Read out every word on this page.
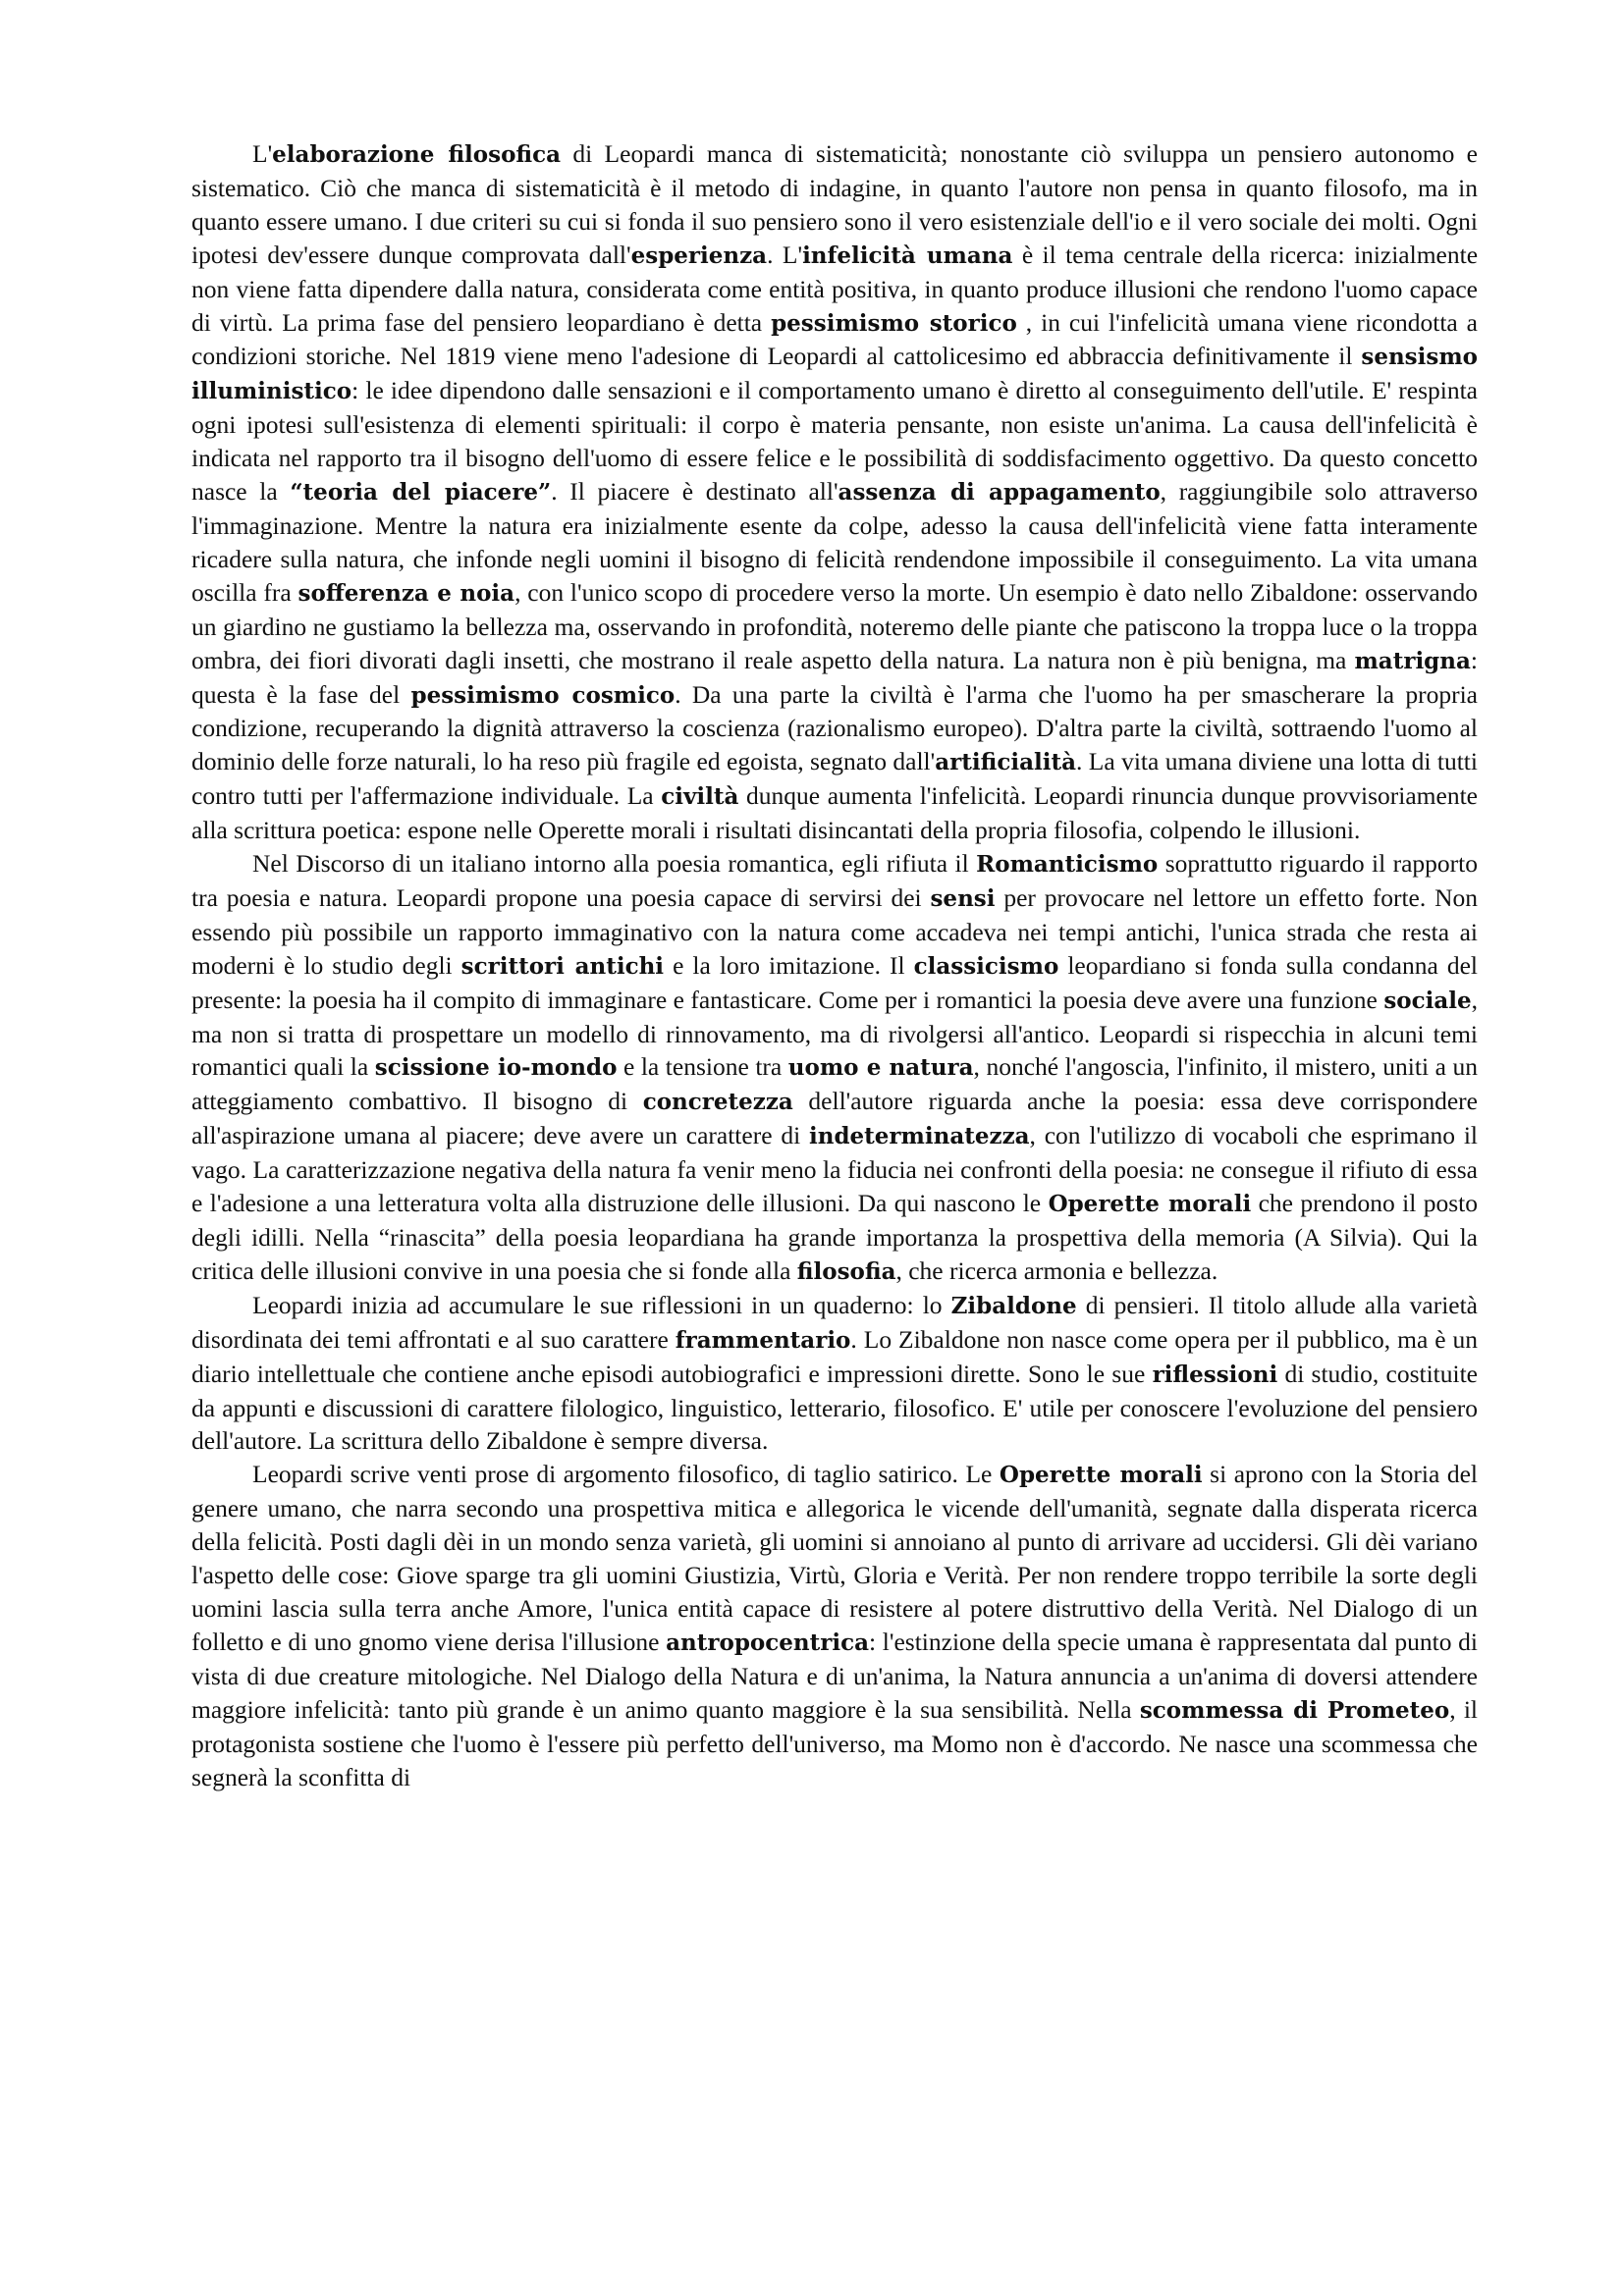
L'elaborazione filosofica di Leopardi manca di sistematicità; nonostante ciò sviluppa un pensiero autonomo e sistematico. Ciò che manca di sistematicità è il metodo di indagine, in quanto l'autore non pensa in quanto filosofo, ma in quanto essere umano. I due criteri su cui si fonda il suo pensiero sono il vero esistenziale dell'io e il vero sociale dei molti. Ogni ipotesi dev'essere dunque comprovata dall'esperienza. L'infelicità umana è il tema centrale della ricerca: inizialmente non viene fatta dipendere dalla natura, considerata come entità positiva, in quanto produce illusioni che rendono l'uomo capace di virtù. La prima fase del pensiero leopardiano è detta pessimismo storico , in cui l'infelicità umana viene ricondotta a condizioni storiche. Nel 1819 viene meno l'adesione di Leopardi al cattolicesimo ed abbraccia definitivamente il sensismo illuministico: le idee dipendono dalle sensazioni e il comportamento umano è diretto al conseguimento dell'utile. E' respinta ogni ipotesi sull'esistenza di elementi spirituali: il corpo è materia pensante, non esiste un'anima. La causa dell'infelicità è indicata nel rapporto tra il bisogno dell'uomo di essere felice e le possibilità di soddisfacimento oggettivo. Da questo concetto nasce la “teoria del piacere”. Il piacere è destinato all'assenza di appagamento, raggiungibile solo attraverso l'immaginazione. Mentre la natura era inizialmente esente da colpe, adesso la causa dell'infelicità viene fatta interamente ricadere sulla natura, che infonde negli uomini il bisogno di felicità rendendone impossibile il conseguimento. La vita umana oscilla fra sofferenza e noia, con l'unico scopo di procedere verso la morte. Un esempio è dato nello Zibaldone: osservando un giardino ne gustiamo la bellezza ma, osservando in profondità, noteremo delle piante che patiscono la troppa luce o la troppa ombra, dei fiori divorati dagli insetti, che mostrano il reale aspetto della natura. La natura non è più benigna, ma matrigna: questa è la fase del pessimismo cosmico. Da una parte la civiltà è l'arma che l'uomo ha per smascherare la propria condizione, recuperando la dignità attraverso la coscienza (razionalismo europeo). D'altra parte la civiltà, sottraendo l'uomo al dominio delle forze naturali, lo ha reso più fragile ed egoista, segnato dall'artificialità. La vita umana diviene una lotta di tutti contro tutti per l'affermazione individuale. La civiltà dunque aumenta l'infelicità. Leopardi rinuncia dunque provvisoriamente alla scrittura poetica: espone nelle Operette morali i risultati disincantati della propria filosofia, colpendo le illusioni.

Nel Discorso di un italiano intorno alla poesia romantica, egli rifiuta il Romanticismo soprattutto riguardo il rapporto tra poesia e natura. Leopardi propone una poesia capace di servirsi dei sensi per provocare nel lettore un effetto forte. Non essendo più possibile un rapporto immaginativo con la natura come accadeva nei tempi antichi, l'unica strada che resta ai moderni è lo studio degli scrittori antichi e la loro imitazione. Il classicismo leopardiano si fonda sulla condanna del presente: la poesia ha il compito di immaginare e fantasticare. Come per i romantici la poesia deve avere una funzione sociale, ma non si tratta di prospettare un modello di rinnovamento, ma di rivolgersi all'antico. Leopardi si rispecchia in alcuni temi romantici quali la scissione io-mondo e la tensione tra uomo e natura, nonché l'angoscia, l'infinito, il mistero, uniti a un atteggiamento combattivo. Il bisogno di concretezza dell'autore riguarda anche la poesia: essa deve corrispondere all'aspirazione umana al piacere; deve avere un carattere di indeterminatezza, con l'utilizzo di vocaboli che esprimano il vago. La caratterizzazione negativa della natura fa venir meno la fiducia nei confronti della poesia: ne consegue il rifiuto di essa e l'adesione a una letteratura volta alla distruzione delle illusioni. Da qui nascono le Operette morali che prendono il posto degli idilli. Nella “rinascita” della poesia leopardiana ha grande importanza la prospettiva della memoria (A Silvia). Qui la critica delle illusioni convive in una poesia che si fonde alla filosofia, che ricerca armonia e bellezza.

Leopardi inizia ad accumulare le sue riflessioni in un quaderno: lo Zibaldone di pensieri. Il titolo allude alla varietà disordinata dei temi affrontati e al suo carattere frammentario. Lo Zibaldone non nasce come opera per il pubblico, ma è un diario intellettuale che contiene anche episodi autobiografici e impressioni dirette. Sono le sue riflessioni di studio, costituite da appunti e discussioni di carattere filologico, linguistico, letterario, filosofico. E' utile per conoscere l'evoluzione del pensiero dell'autore. La scrittura dello Zibaldone è sempre diversa.

Leopardi scrive venti prose di argomento filosofico, di taglio satirico. Le Operette morali si aprono con la Storia del genere umano, che narra secondo una prospettiva mitica e allegorica le vicende dell'umanità, segnate dalla disperata ricerca della felicità. Posti dagli dèi in un mondo senza varietà, gli uomini si annoiano al punto di arrivare ad uccidersi. Gli dèi variano l'aspetto delle cose: Giove sparge tra gli uomini Giustizia, Virtù, Gloria e Verità. Per non rendere troppo terribile la sorte degli uomini lascia sulla terra anche Amore, l'unica entità capace di resistere al potere distruttivo della Verità. Nel Dialogo di un folletto e di uno gnomo viene derisa l'illusione antropocentrica: l'estinzione della specie umana è rappresentata dal punto di vista di due creature mitologiche. Nel Dialogo della Natura e di un'anima, la Natura annuncia a un'anima di doversi attendere maggiore infelicità: tanto più grande è un animo quanto maggiore è la sua sensibilità. Nella scommessa di Prometeo, il protagonista sostiene che l'uomo è l'essere più perfetto dell'universo, ma Momo non è d'accordo. Ne nasce una scommessa che segnerà la sconfitta di
